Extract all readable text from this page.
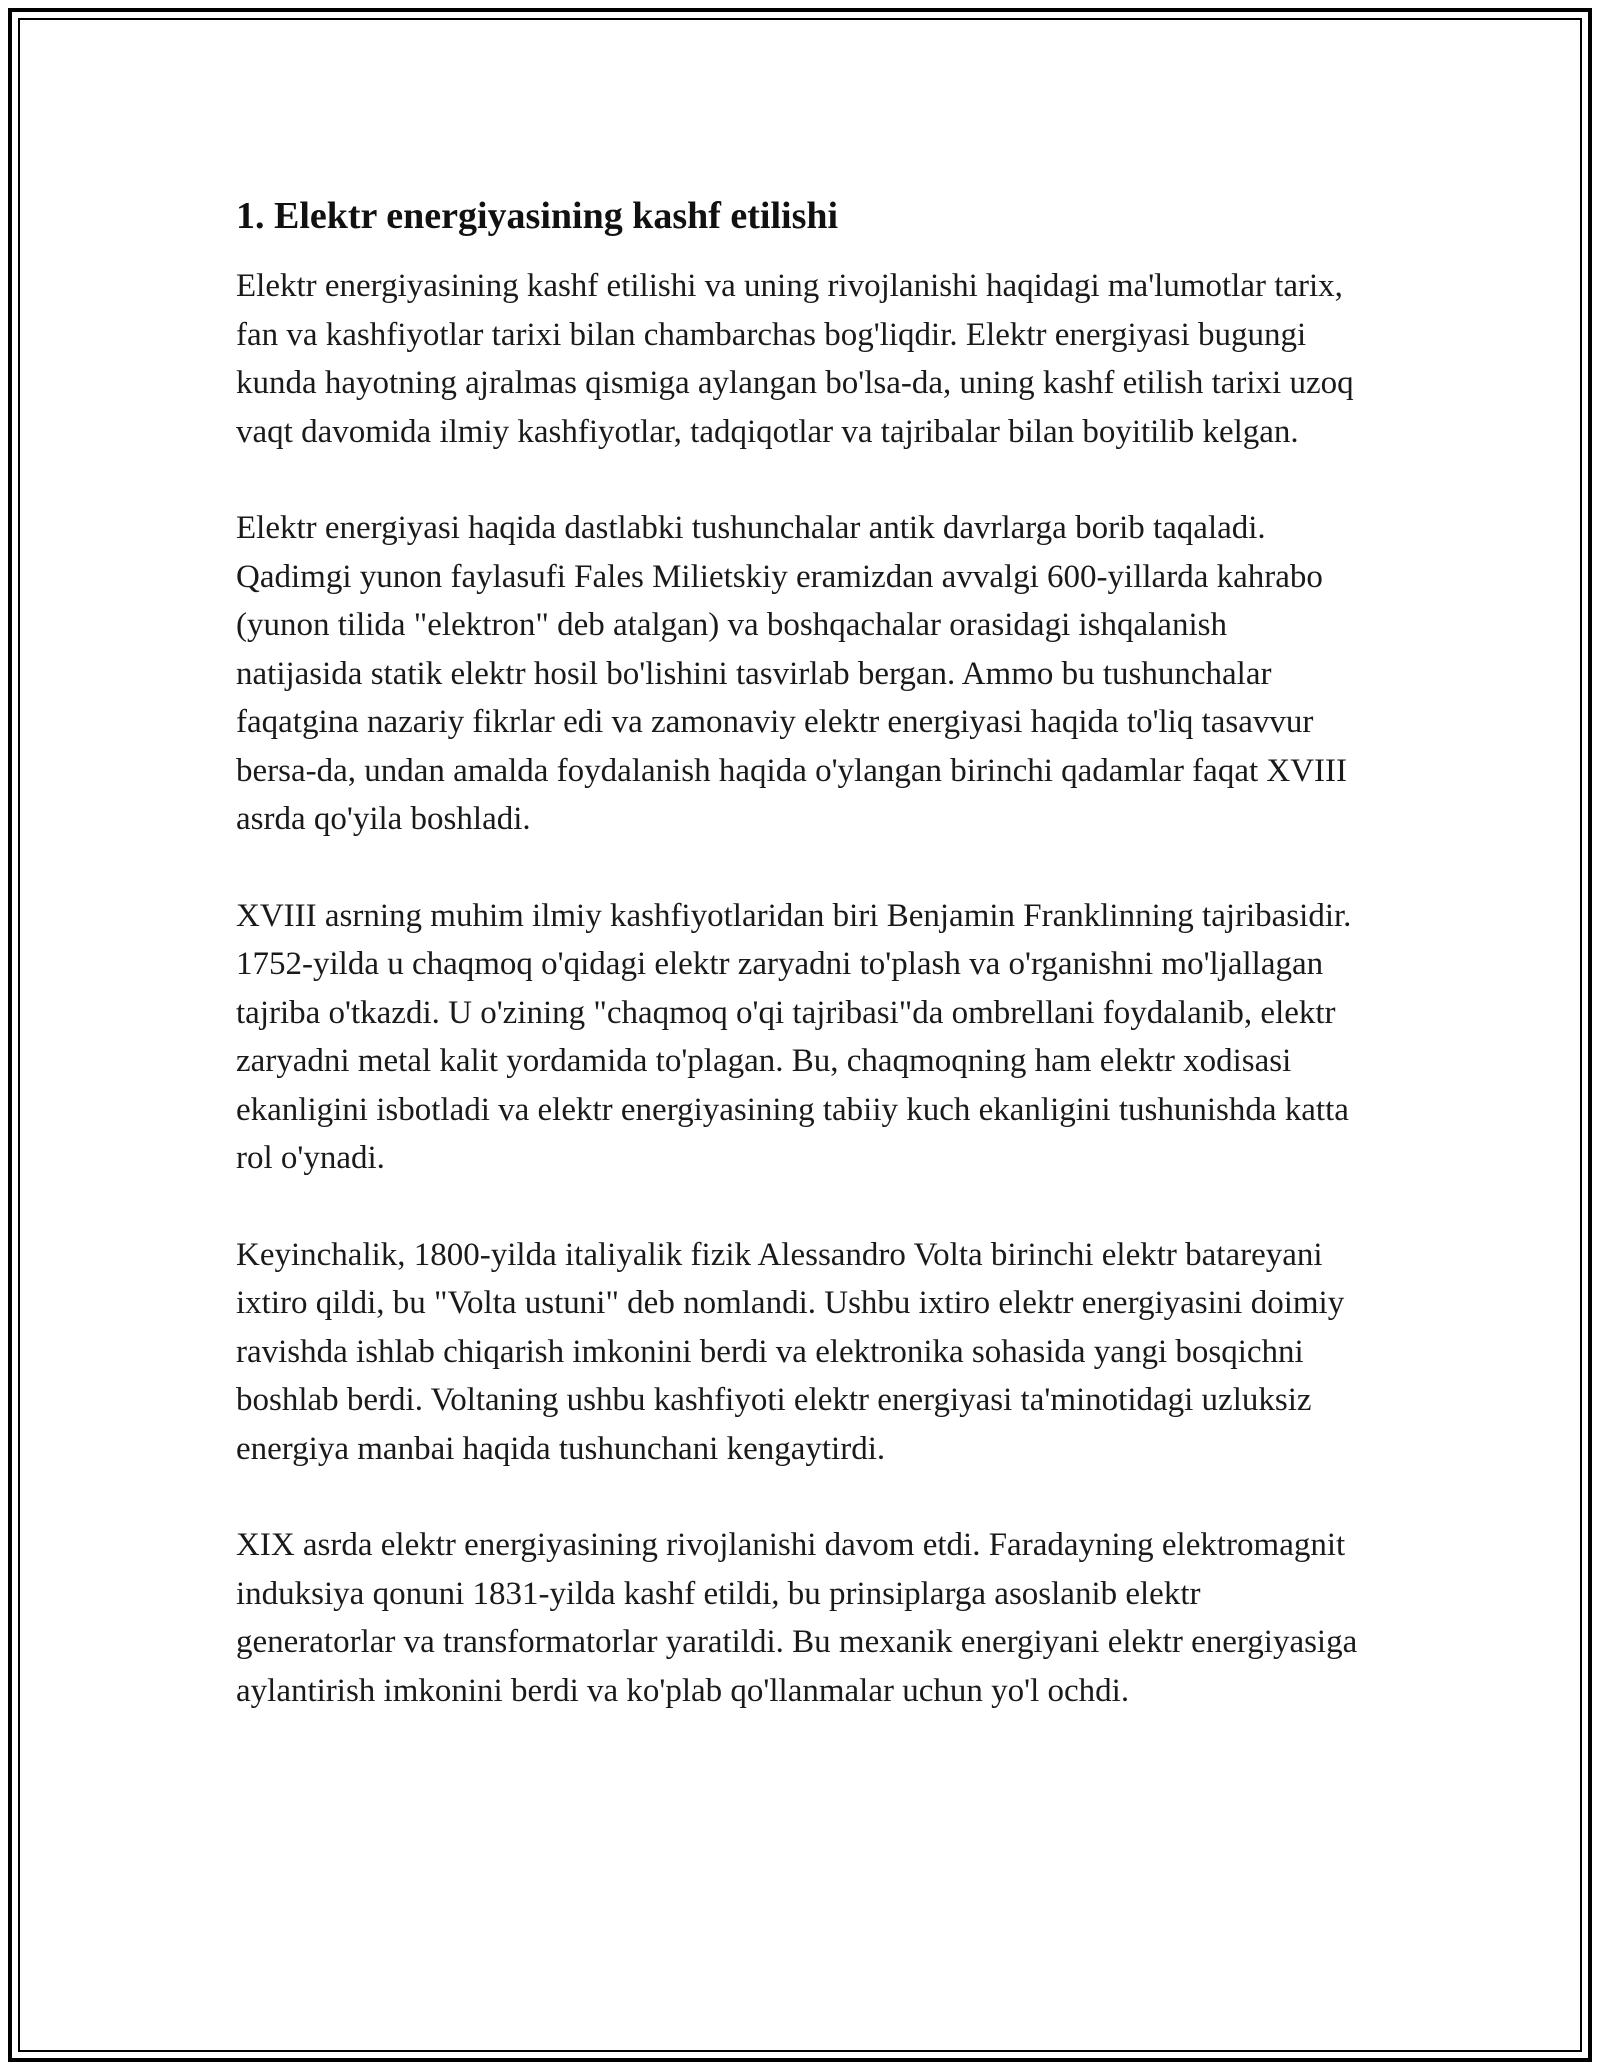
1. Elektr energiyasining kashf etilishi

Elektr energiyasining kashf etilishi va uning rivojlanishi haqidagi ma'lumotlar tarix, fan va kashfiyotlar tarixi bilan chambarchas bog'liqdir. Elektr energiyasi bugungi kunda hayotning ajralmas qismiga aylangan bo'lsa-da, uning kashf etilish tarixi uzoq vaqt davomida ilmiy kashfiyotlar, tadqiqotlar va tajribalar bilan boyitilib kelgan.

Elektr energiyasi haqida dastlabki tushunchalar antik davrlarga borib taqaladi. Qadimgi yunon faylasufi Fales Milietskiy eramizdan avvalgi 600-yillarda kahrabo (yunon tilida "elektron" deb atalgan) va boshqachalar orasidagi ishqalanish natijasida statik elektr hosil bo'lishini tasvirlab bergan. Ammo bu tushunchalar faqatgina nazariy fikrlar edi va zamonaviy elektr energiyasi haqida to'liq tasavvur bersa-da, undan amalda foydalanish haqida o'ylangan birinchi qadamlar faqat XVIII asrda qo'yila boshladi.

XVIII asrning muhim ilmiy kashfiyotlaridan biri Benjamin Franklinning tajribasidir. 1752-yilda u chaqmoq o'qidagi elektr zaryadni to'plash va o'rganishni mo'ljallagan tajriba o'tkazdi. U o'zining "chaqmoq o'qi tajribasi"da ombrellani foydalanib, elektr zaryadni metal kalit yordamida to'plagan. Bu, chaqmoqning ham elektr xodisasi ekanligini isbotladi va elektr energiyasining tabiiy kuch ekanligini tushunishda katta rol o'ynadi.

Keyinchalik, 1800-yilda italiyalik fizik Alessandro Volta birinchi elektr batareyani ixtiro qildi, bu "Volta ustuni" deb nomlandi. Ushbu ixtiro elektr energiyasini doimiy ravishda ishlab chiqarish imkonini berdi va elektronika sohasida yangi bosqichni boshlab berdi. Voltaning ushbu kashfiyoti elektr energiyasi ta'minotidagi uzluksiz energiya manbai haqida tushunchani kengaytirdi.

XIX asrda elektr energiyasining rivojlanishi davom etdi. Faradayning elektromagnit induksiya qonuni 1831-yilda kashf etildi, bu prinsiplarga asoslanib elektr generatorlar va transformatorlar yaratildi. Bu mexanik energiyani elektr energiyasiga aylantirish imkonini berdi va ko'plab qo'llanmalar uchun yo'l ochdi.
